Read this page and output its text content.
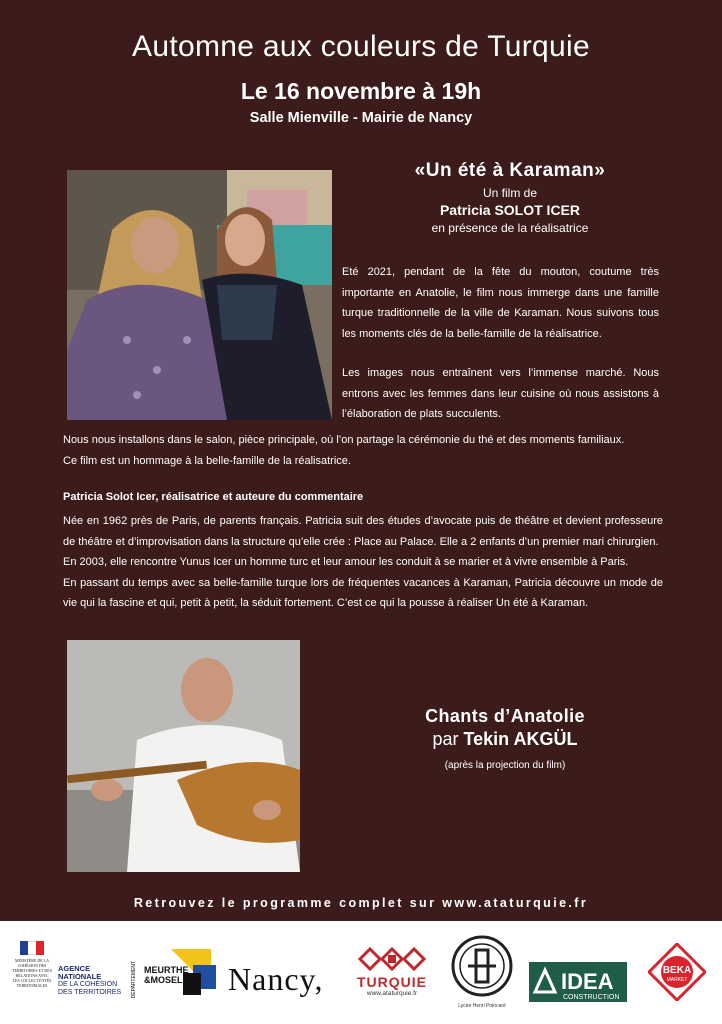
Automne aux couleurs de Turquie
Le 16 novembre à 19h
Salle Mienville - Mairie de Nancy
«Un été à Karaman»
Un film de
Patricia SOLOT ICER
en présence de la réalisatrice
Eté 2021, pendant de la fête du mouton, coutume très importante en Anatolie, le film nous immerge dans une famille turque traditionnelle de la ville de Karaman. Nous suivons tous les moments clés de la belle-famille de la réalisatrice.
Les images nous entraînent vers l’immense marché. Nous entrons avec les femmes dans leur cuisine où nous assistons à l’élaboration de plats succulents.
Nous nous installons dans le salon, pièce principale, où l’on partage la cérémonie du thé et des moments familiaux.
Ce film est un hommage à la belle-famille de la réalisatrice.
Patricia Solot Icer, réalisatrice et auteure du commentaire
Née en 1962 près de Paris, de parents français. Patricia suit des études d’avocate puis de théâtre et devient professeure de théâtre et d’improvisation dans la structure qu’elle crée : Place au Palace. Elle a 2 enfants d’un premier mari chirurgien.
En 2003, elle rencontre Yunus Icer un homme turc et leur amour les conduit à se marier et à vivre ensemble à Paris.
En passant du temps avec sa belle-famille turque lors de fréquentes vacances à Karaman, Patricia découvre un mode de vie qui la fascine et qui, petit à petit, la séduit fortement. C’est ce qui la pousse à réaliser Un été à Karaman.
Chants d’Anatolie
par Tekin AKGÜL
(après la projection du film)
Retrouvez le programme complet sur www.ataturquie.fr
MINISTÈRE DE LA COHÉSION DES TERRITOIRES ET DES RELATIONS AVEC LES COLLECTIVITÉS TERRITORIALES
AGENCE
NATIONALE
DE LA COHÉSION
DES TERRITOIRES	DÉPARTEMENT MEURTHE
&MOSELLE Nancy,	TURQUIE
www.ataturquie.fr
Lycée Henri Poincaré
IDEA
CONSTRUCTION
BEKA
MARKET
